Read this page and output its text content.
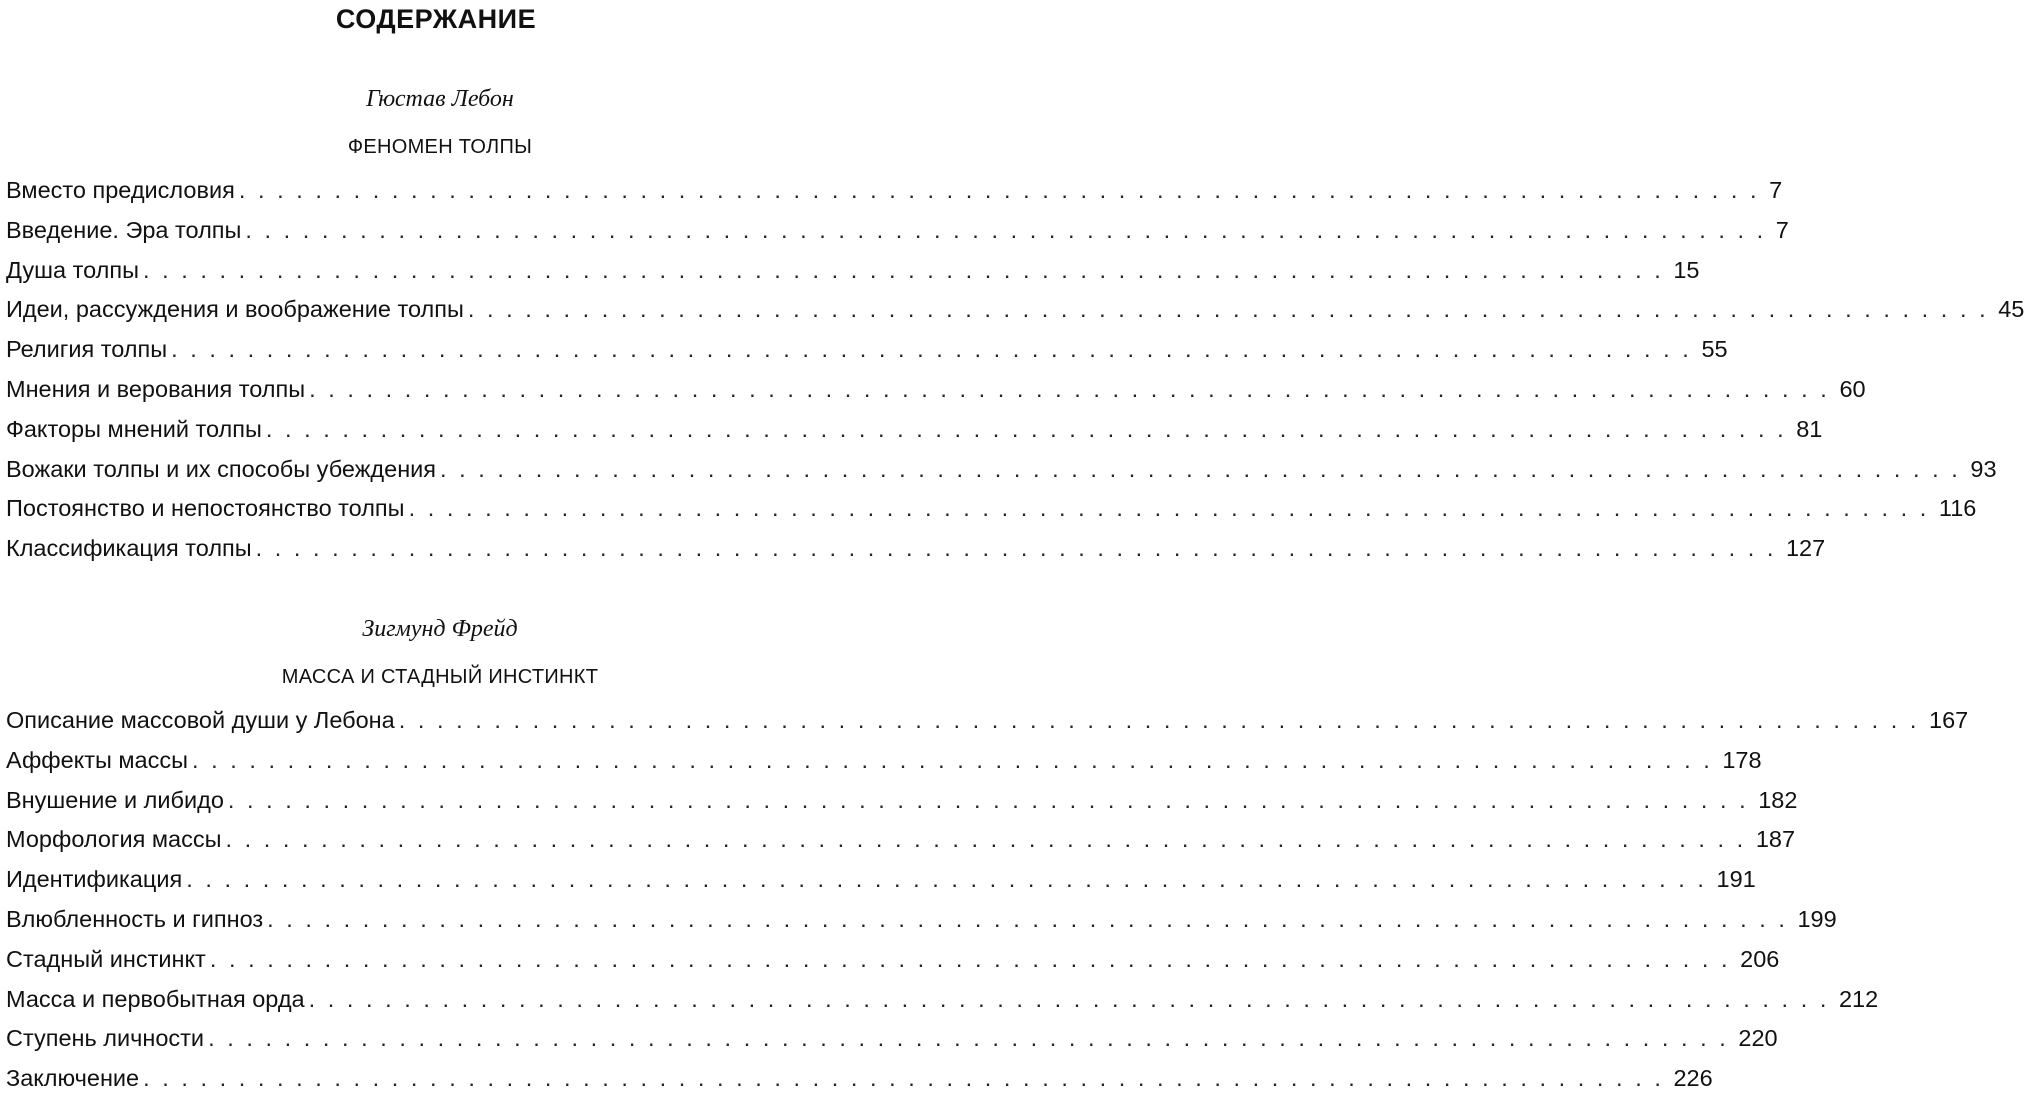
СОДЕРЖАНИЕ
Гюстав Лебон
ФЕНОМЕН ТОЛПЫ
Вместо предисловия ................................................................................ 7
Введение. Эра толпы ................................................................................ 7
Душа толпы ................................................................................ 15
Идеи, рассуждения и воображение толпы ................................................................................ 45
Религия толпы ................................................................................ 55
Мнения и верования толпы ................................................................................ 60
Факторы мнений толпы ................................................................................ 81
Вожаки толпы и их способы убеждения ................................................................................ 93
Постоянство и непостоянство толпы ................................................................................ 116
Классификация толпы ................................................................................ 127
Зигмунд Фрейд
МАССА И СТАДНЫЙ ИНСТИНКТ
Описание массовой души у Лебона ................................................................................ 167
Аффекты массы ................................................................................ 178
Внушение и либидо ................................................................................ 182
Морфология массы ................................................................................ 187
Идентификация ................................................................................ 191
Влюбленность и гипноз ................................................................................ 199
Стадный инстинкт ................................................................................ 206
Масса и первобытная орда ................................................................................ 212
Ступень личности ................................................................................ 220
Заключение ................................................................................ 226
